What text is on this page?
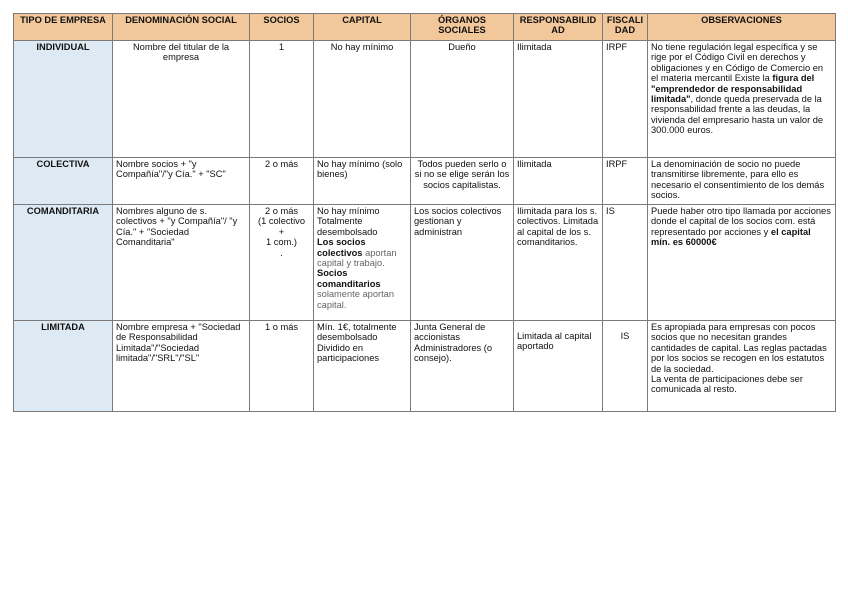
TIPO DE EMPRESA	DENOMINACIÓN SOCIAL	SOCIOS	CAPITAL	ÓRGANOS SOCIALES	RESPONSABILIDAD	FISCALIDAD	OBSERVACIONES
INDIVIDUAL	Nombre del titular de la empresa	1	No hay mínimo	Dueño	Ilimitada	IRPF	No tiene regulación legal específica y se rige por el Código Civil en derechos y obligaciones y en Código de Comercio en el materia mercantil Existe la figura del "emprendedor de responsabilidad limitada", donde queda preservada de la responsabilidad frente a las deudas, la vivienda del empresario hasta un valor de 300.000 euros.
COLECTIVA	Nombre socios + "y Compañía"/"y Cía." + "SC"	2 o más	No hay mínimo (solo bienes)	Todos pueden serlo o si no se elige serán los socios capitalistas.	Ilimitada	IRPF	La denominación de socio no puede transmitirse libremente, para ello es necesario el consentimiento de los demás socios.
COMANDITARIA	Nombres alguno de s. colectivos + "y Compañía"/ "y Cía." + "Sociedad Comanditaria"	2 o más
(1 colectivo
+
1 com.)
.	No hay mínimo
Totalmente desembolsado
Los socios colectivos aportan capital y trabajo.
Socios comanditarios
solamente aportan capital.	Los socios colectivos gestionan y administran	Ilimitada para los s. colectivos. Limitada al capital de los s. comanditarios.	IS	Puede haber otro tipo llamada por acciones donde el capital de los socios com. está representado por acciones y el capital mín. es 60000€
LIMITADA	Nombre empresa + "Sociedad de Responsabilidad Limitada"/"Sociedad limitada"/"SRL"/"SL"	1 o más	Mín. 1€, totalmente desembolsado Dividido en participaciones	Junta General de accionistas Administradores (o consejo).	Limitada al capital aportado	IS	Es apropiada para empresas con pocos socios que no necesitan grandes cantidades de capital. Las reglas pactadas por los socios se recogen en los estatutos de la sociedad.
La venta de participaciones debe ser comunicada al resto.
